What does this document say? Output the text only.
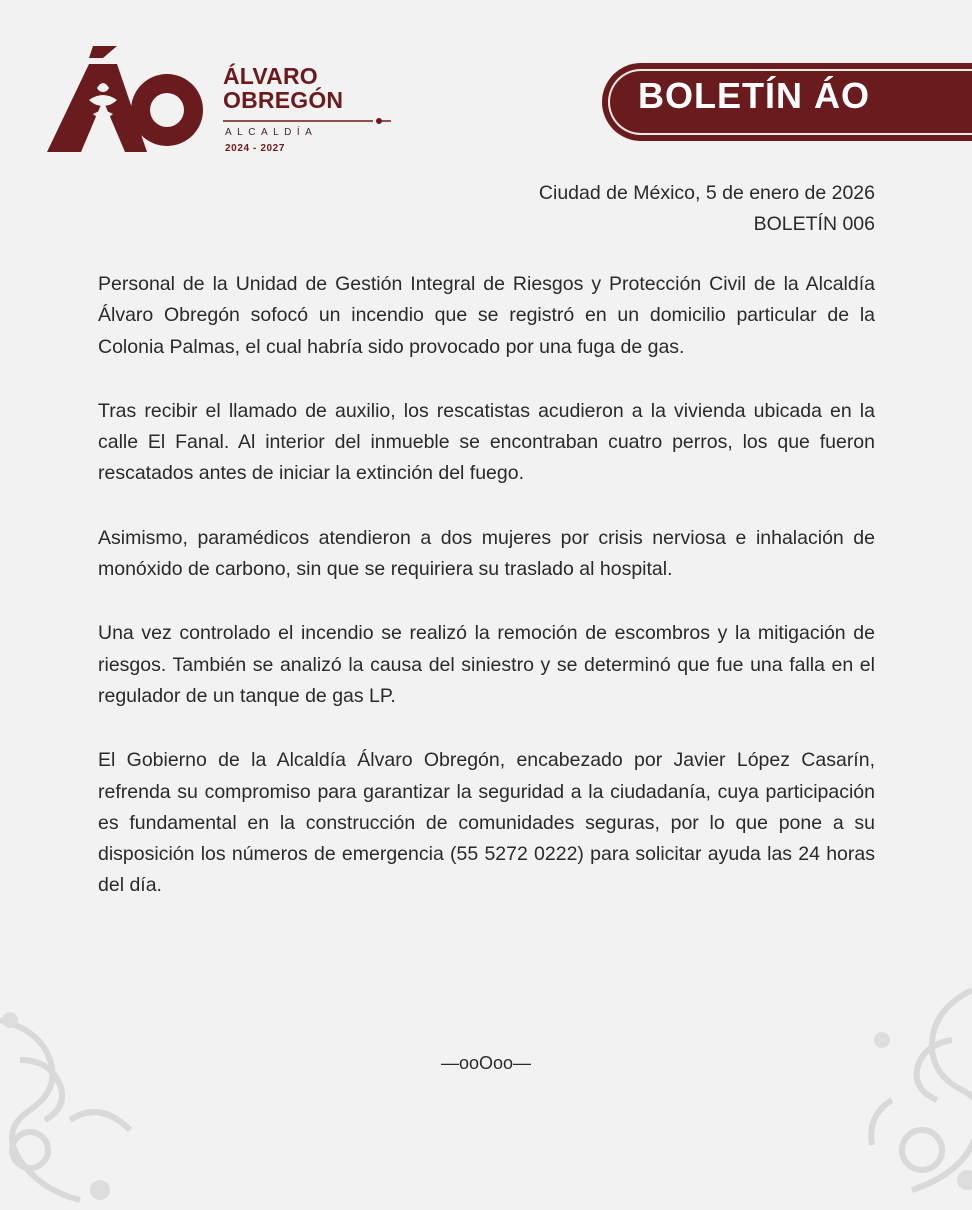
ÁLVARO
OBREGÓN
ALCALDÍA
2024 - 2027
BOLETÍN ÁO
Ciudad de México, 5 de enero de 2026
BOLETÍN 006

Personal de la Unidad de Gestión Integral de Riesgos y Protección Civil de la Alcaldía Álvaro Obregón sofocó un incendio que se registró en un domicilio particular de la Colonia Palmas, el cual habría sido provocado por una fuga de gas.

Tras recibir el llamado de auxilio, los rescatistas acudieron a la vivienda ubicada en la calle El Fanal. Al interior del inmueble se encontraban cuatro perros, los que fueron rescatados antes de iniciar la extinción del fuego.

Asimismo, paramédicos atendieron a dos mujeres por crisis nerviosa e inhalación de monóxido de carbono, sin que se requiriera su traslado al hospital.

Una vez controlado el incendio se realizó la remoción de escombros y la mitigación de riesgos. También se analizó la causa del siniestro y se determinó que fue una falla en el regulador de un tanque de gas LP.

El Gobierno de la Alcaldía Álvaro Obregón, encabezado por Javier López Casarín, refrenda su compromiso para garantizar la seguridad a la ciudadanía, cuya participación es fundamental en la construcción de comunidades seguras, por lo que pone a su disposición los números de emergencia (55 5272 0222) para solicitar ayuda las 24 horas del día.

—ooOoo—
